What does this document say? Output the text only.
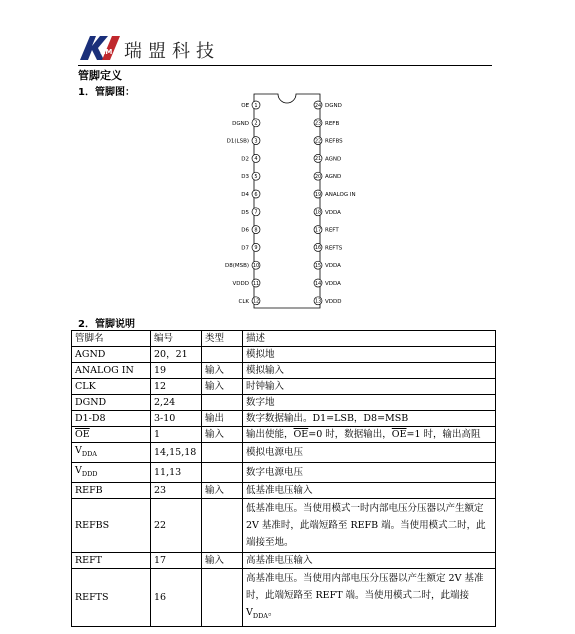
RM 瑞盟科技
管脚定义
1．管脚图：
1
OE
2
DGND
3
D1(LSB)
4
D2
5
D3
6
D4
7
D5
8
D6
9
D7
10
D8(MSB)
11
VDDD
12
CLK
24 DGND
23 REFB
22 REFBS
21 AGND
20 AGND
19 ANALOG IN
18 VDDA
17 REFT
16 REFTS
15 VDDA
14 VDDA
13 VDDD
2．管脚说明
管脚名	编号	类型	描述
AGND	20，21		模拟地
ANALOG IN	19	输入	模拟输入
CLK	12	输入	时钟输入
DGND	2,24		数字地
D1-D8	3-10	输出	数字数据输出。D1=LSB，D8=MSB
$\overline{OE}$	1	输入	输出使能，$\overline{OE}=0$ 时，数据输出，$\overline{OE}=1$ 时，输出高阻
$V_{DDA}$	14,15,18		模拟电源电压
$V_{DDD}$	11,13		数字电源电压
REFB	23	输入	低基准电压输入
REFBS	22		低基准电压。当使用模式一时内部电压分压器以产生额定2V 基准时，此端短路至 REFB 端。当使用模式二时，此端接至地。
REFT	17	输入	高基准电压输入
REFTS	16		高基准电压。当使用内部电压分压器以产生额定 2V 基准时，此端短路至 REFT 端。当使用模式二时，此端接 $V_{DDA}$。
